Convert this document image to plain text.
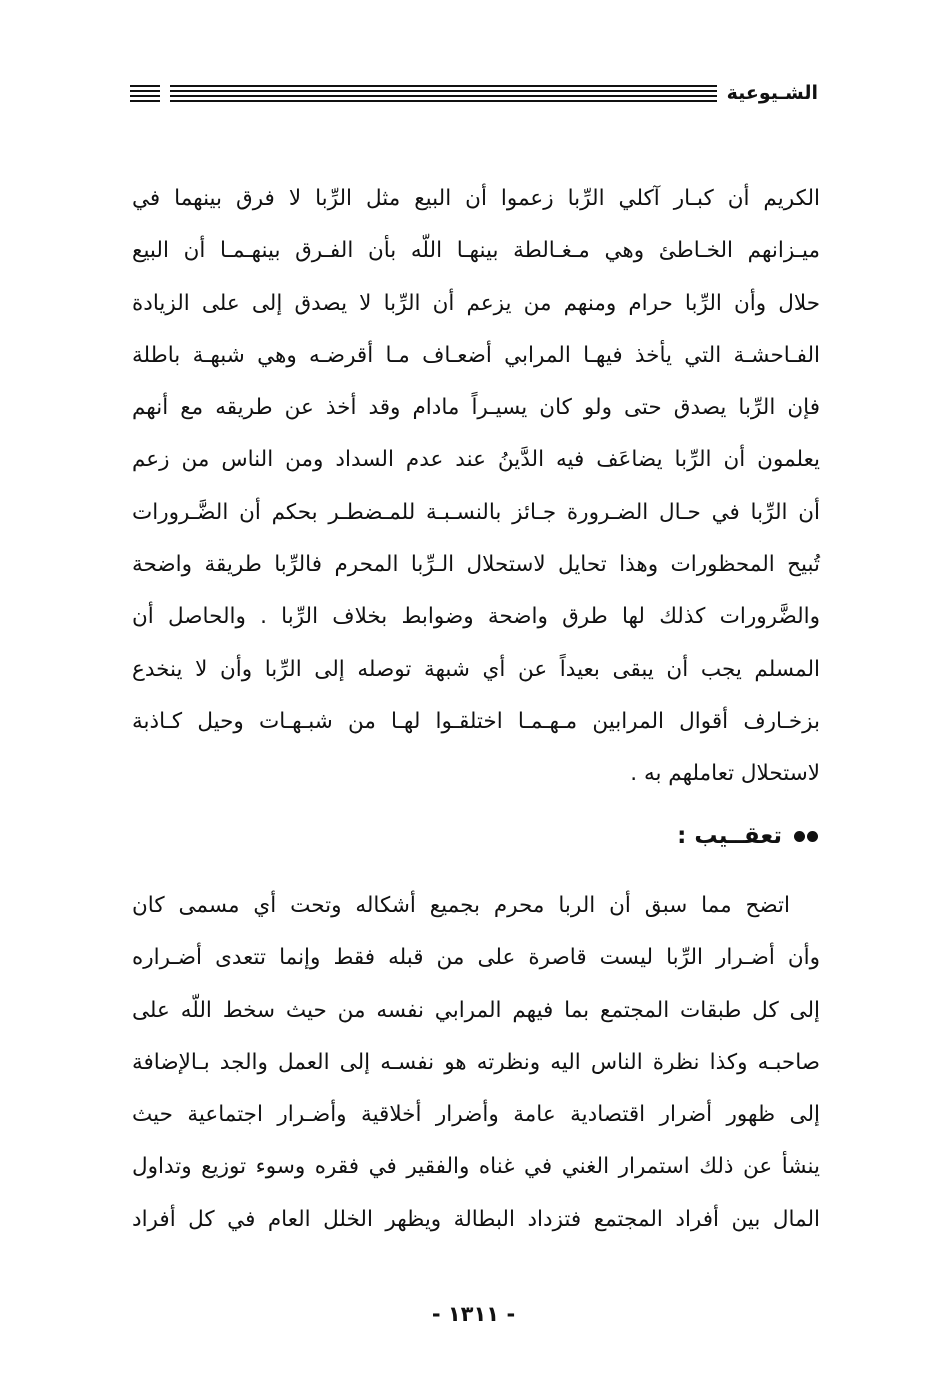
الشـيوعية
الكريم أن كبـار آكلي الرِّبا زعموا أن البيع مثل الرِّبا لا فرق بينهما في
ميـزانهم الخـاطئ وهي مـغـالطة بينهـا اللّه بأن الفـرق بينهـمـا أن البيع
حلال وأن الرِّبا حرام ومنهم من يزعم أن الرِّبا لا يصدق إلى على الزيادة
الفـاحشـة التي يأخذ فيهـا المرابي أضعـاف مـا أقرضـه وهي شبهـة باطلة
فإن الرِّبا يصدق حتى ولو كان يسيـراً مادام وقد أخذ عن طريقه مع أنهم
يعلمون أن الرِّبا يضاعَف فيه الدَّينُ عند عدم السداد ومن الناس من زعم
أن الرِّبا في حـال الضـرورة جـائز بالنسـبـة للمـضطـر بحكم أن الضَّـرورات
تُبيح المحظورات وهذا تحايل لاستحلال الـرِّبا المحرم فالرِّبا طريقة واضحة
والضَّرورات كذلك لها طرق واضحة وضوابط بخلاف الرِّبا . والحاصل أن
المسلم يجب أن يبقى بعيداً عن أي شبهة توصله إلى الرِّبا وأن لا ينخدع
بزخـارف أقوال المرابين مـهـمـا اختلقـوا لهـا من شبـهـات وحيل كـاذبة
لاستحلال تعاملهم به .
تعقــيب :
اتضح مما سبق أن الربا محرم بجميع أشكاله وتحت أي مسمى كان
وأن أضـرار الرِّبا ليست قاصرة على من قبله فقط وإنما تتعدى أضـراره
إلى كل طبقات المجتمع بما فيهم المرابي نفسه من حيث سخط اللّه على
صاحبـه وكذا نظرة الناس اليه ونظرته هو نفسـه إلى العمل والجد بـالإضافة
إلى ظهور أضرار اقتصادية عامة وأضرار أخلاقية وأضـرار اجتماعية حيث
ينشأ عن ذلك استمرار الغني في غناه والفقير في فقره وسوء توزيع وتداول
المال بين أفراد المجتمع فتزداد البطالة ويظهر الخلل العام في كل أفراد
- ١٣١١ -
